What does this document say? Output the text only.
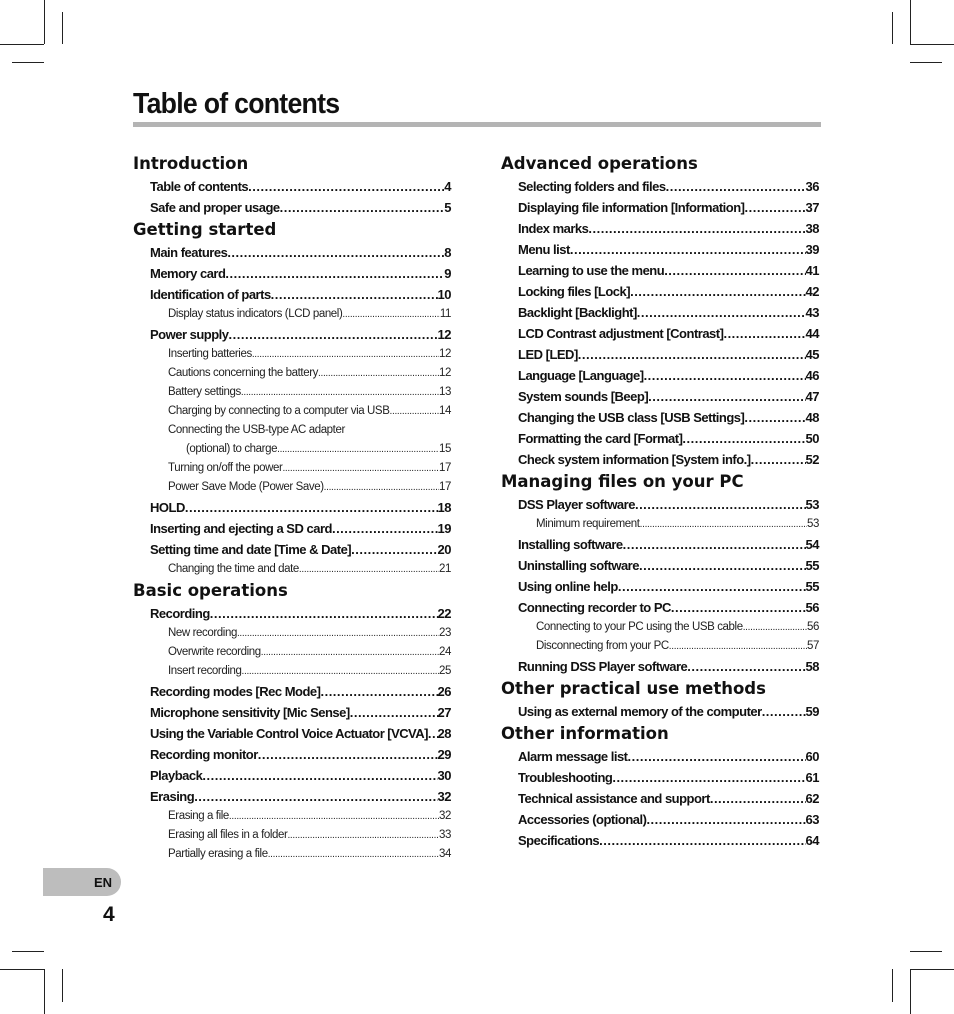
Table of contents
Introduction
Table of contents .....	4
Safe and proper usage .....	5
Getting started
Main features .....	8
Memory card .....	9
Identification of parts .....	10
Display status indicators (LCD panel) .....	11
Power supply .....	12
Inserting batteries .....	12
Cautions concerning the battery .....	12
Battery settings .....	13
Charging by connecting to a computer via USB .....	14
Connecting the USB-type AC adapter
(optional) to charge .....	15
Turning on/off the power .....	17
Power Save Mode (Power Save) .....	17
HOLD .....	18
Inserting and ejecting a SD card .....	19
Setting time and date [Time & Date] .....	20
Changing the time and date .....	21
Basic operations
Recording .....	22
New recording .....	23
Overwrite recording .....	24
Insert recording .....	25
Recording modes [Rec Mode] .....	26
Microphone sensitivity [Mic Sense] .....	27
Using the Variable Control Voice Actuator [VCVA] ..... 28
Recording monitor .....	29
Playback .....	30
Erasing .....	32
Erasing a file .....	32
Erasing all files in a folder .....	33
Partially erasing a file .....	34
Advanced operations
Selecting folders and files .....	36
Displaying file information [Information] .....	37
Index marks .....	38
Menu list .....	39
Learning to use the menu .....	41
Locking files [Lock] .....	42
Backlight [Backlight] .....	43
LCD Contrast adjustment [Contrast] .....	44
LED [LED] .....	45
Language [Language] .....	46
System sounds [Beep] .....	47
Changing the USB class [USB Settings] .....	48
Formatting the card [Format] .....	50
Check system information [System info.] .....	52
Managing files on your PC
DSS Player software .....	53
Minimum requirement .....	53
Installing software .....	54
Uninstalling software .....	55
Using online help .....	55
Connecting recorder to PC .....	56
Connecting to your PC using the USB cable .....	56
Disconnecting from your PC .....	57
Running DSS Player software .....	58
Other practical use methods
Using as external memory of the computer .....	59
Other information
Alarm message list .....	60
Troubleshooting .....	61
Technical assistance and support .....	62
Accessories (optional) .....	63
Specifications .....	64
EN
4
